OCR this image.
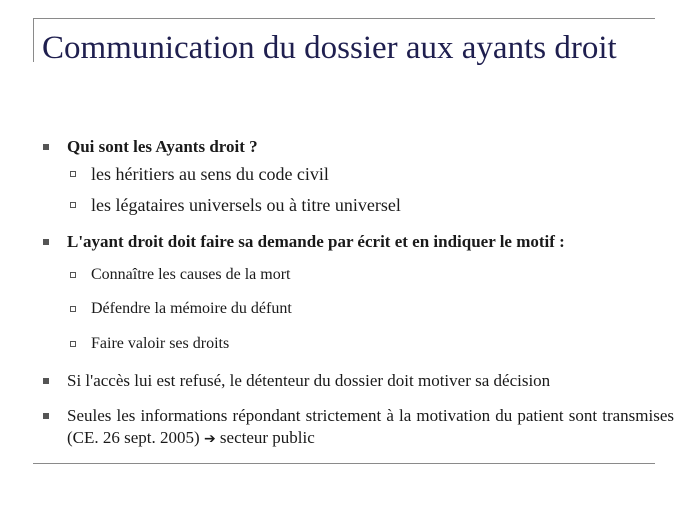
Communication du dossier aux ayants droit
Qui sont les Ayants droit ?
les héritiers au sens du code civil
les légataires universels ou à titre universel
L'ayant droit doit faire sa demande par écrit et en indiquer le motif :
Connaître les causes de la mort
Défendre la mémoire du défunt
Faire valoir ses droits
Si l'accès lui est refusé, le détenteur du dossier doit motiver sa décision
Seules les informations répondant strictement à la motivation du patient sont transmises (CE. 26 sept. 2005) ➔ secteur public
